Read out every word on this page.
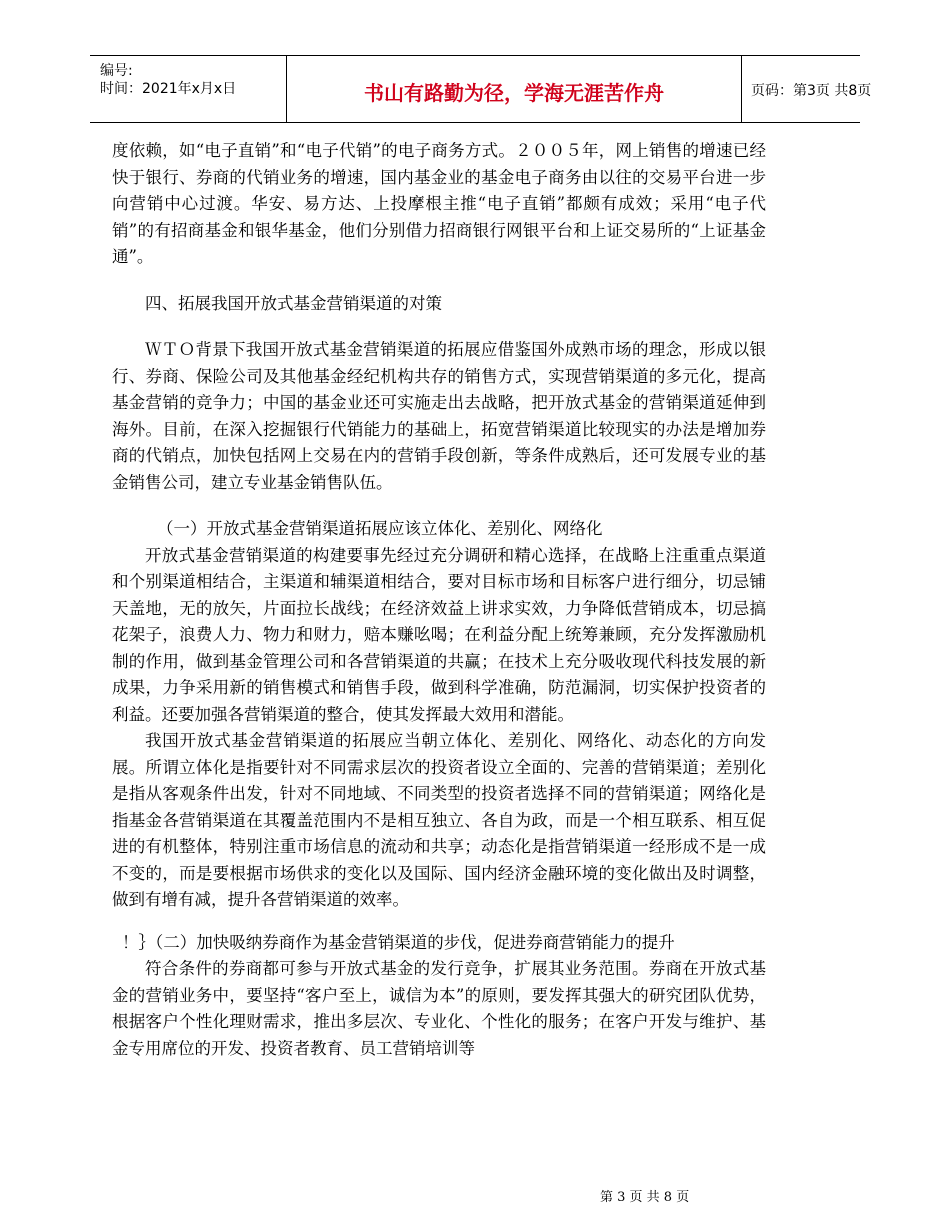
编号:
时间：2021年x月x日	书山有路勤为径，学海无涯苦作舟	页码：第3页 共8页

度依赖，如“电子直销”和“电子代销”的电子商务方式。２００５年，网上销售的增速已经快于银行、券商的代销业务的增速，国内基金业的基金电子商务由以往的交易平台进一步向营销中心过渡。华安、易方达、上投摩根主推“电子直销”都颇有成效；采用“电子代销”的有招商基金和银华基金，他们分别借力招商银行网银平台和上证交易所的“上证基金通”。

四、拓展我国开放式基金营销渠道的对策

ＷＴＯ背景下我国开放式基金营销渠道的拓展应借鉴国外成熟市场的理念，形成以银行、券商、保险公司及其他基金经纪机构共存的销售方式，实现营销渠道的多元化，提高基金营销的竞争力；中国的基金业还可实施走出去战略，把开放式基金的营销渠道延伸到海外。目前，在深入挖掘银行代销能力的基础上，拓宽营销渠道比较现实的办法是增加券商的代销点，加快包括网上交易在内的营销手段创新，等条件成熟后，还可发展专业的基金销售公司，建立专业基金销售队伍。

（一）开放式基金营销渠道拓展应该立体化、差别化、网络化

开放式基金营销渠道的构建要事先经过充分调研和精心选择，在战略上注重重点渠道和个别渠道相结合，主渠道和辅渠道相结合，要对目标市场和目标客户进行细分，切忌铺天盖地，无的放矢，片面拉长战线；在经济效益上讲求实效，力争降低营销成本，切忌搞花架子，浪费人力、物力和财力，赔本赚吆喝；在利益分配上统筹兼顾，充分发挥激励机制的作用，做到基金管理公司和各营销渠道的共赢；在技术上充分吸收现代科技发展的新成果，力争采用新的销售模式和销售手段，做到科学准确，防范漏洞，切实保护投资者的利益。还要加强各营销渠道的整合，使其发挥最大效用和潜能。

我国开放式基金营销渠道的拓展应当朝立体化、差别化、网络化、动态化的方向发展。所谓立体化是指要针对不同需求层次的投资者设立全面的、完善的营销渠道；差别化是指从客观条件出发，针对不同地域、不同类型的投资者选择不同的营销渠道；网络化是指基金各营销渠道在其覆盖范围内不是相互独立、各自为政，而是一个相互联系、相互促进的有机整体，特别注重市场信息的流动和共享；动态化是指营销渠道一经形成不是一成不变的，而是要根据市场供求的变化以及国际、国内经济金融环境的变化做出及时调整，做到有增有减，提升各营销渠道的效率。

！｝（二）加快吸纳券商作为基金营销渠道的步伐，促进券商营销能力的提升

符合条件的券商都可参与开放式基金的发行竞争，扩展其业务范围。券商在开放式基金的营销业务中，要坚持“客户至上，诚信为本”的原则，要发挥其强大的研究团队优势，根据客户个性化理财需求，推出多层次、专业化、个性化的服务；在客户开发与维护、基金专用席位的开发、投资者教育、员工营销培训等

第 3 页 共 8 页
